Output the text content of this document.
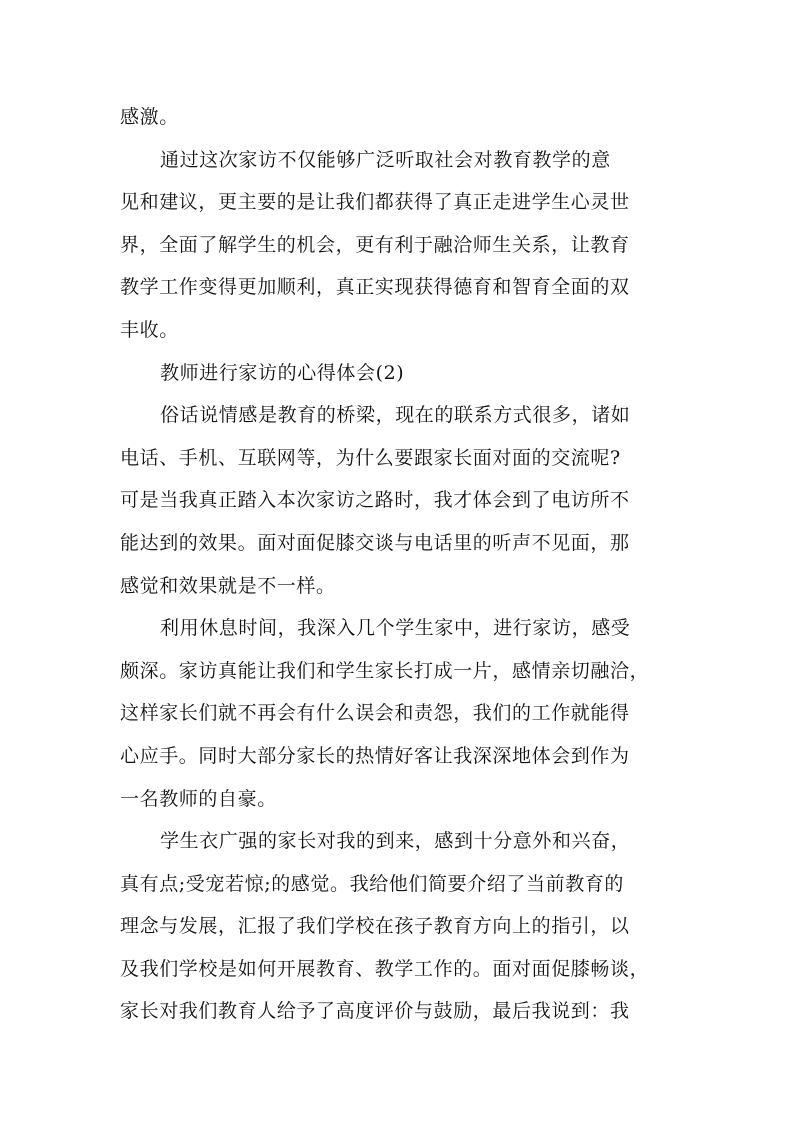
感激。
通过这次家访不仅能够广泛听取社会对教育教学的意
见和建议，更主要的是让我们都获得了真正走进学生心灵世
界，全面了解学生的机会，更有利于融洽师生关系，让教育
教学工作变得更加顺利，真正实现获得德育和智育全面的双
丰收。
教师进行家访的心得体会(2)
俗话说情感是教育的桥梁，现在的联系方式很多，诸如
电话、手机、互联网等，为什么要跟家长面对面的交流呢?
可是当我真正踏入本次家访之路时，我才体会到了电访所不
能达到的效果。面对面促膝交谈与电话里的听声不见面，那
感觉和效果就是不一样。
利用休息时间，我深入几个学生家中，进行家访，感受
颇深。家访真能让我们和学生家长打成一片，感情亲切融洽，
这样家长们就不再会有什么误会和责怨，我们的工作就能得
心应手。同时大部分家长的热情好客让我深深地体会到作为
一名教师的自豪。
学生衣广强的家长对我的到来，感到十分意外和兴奋，
真有点;受宠若惊;的感觉。我给他们简要介绍了当前教育的
理念与发展，汇报了我们学校在孩子教育方向上的指引，以
及我们学校是如何开展教育、教学工作的。面对面促膝畅谈，
家长对我们教育人给予了高度评价与鼓励，最后我说到：我
